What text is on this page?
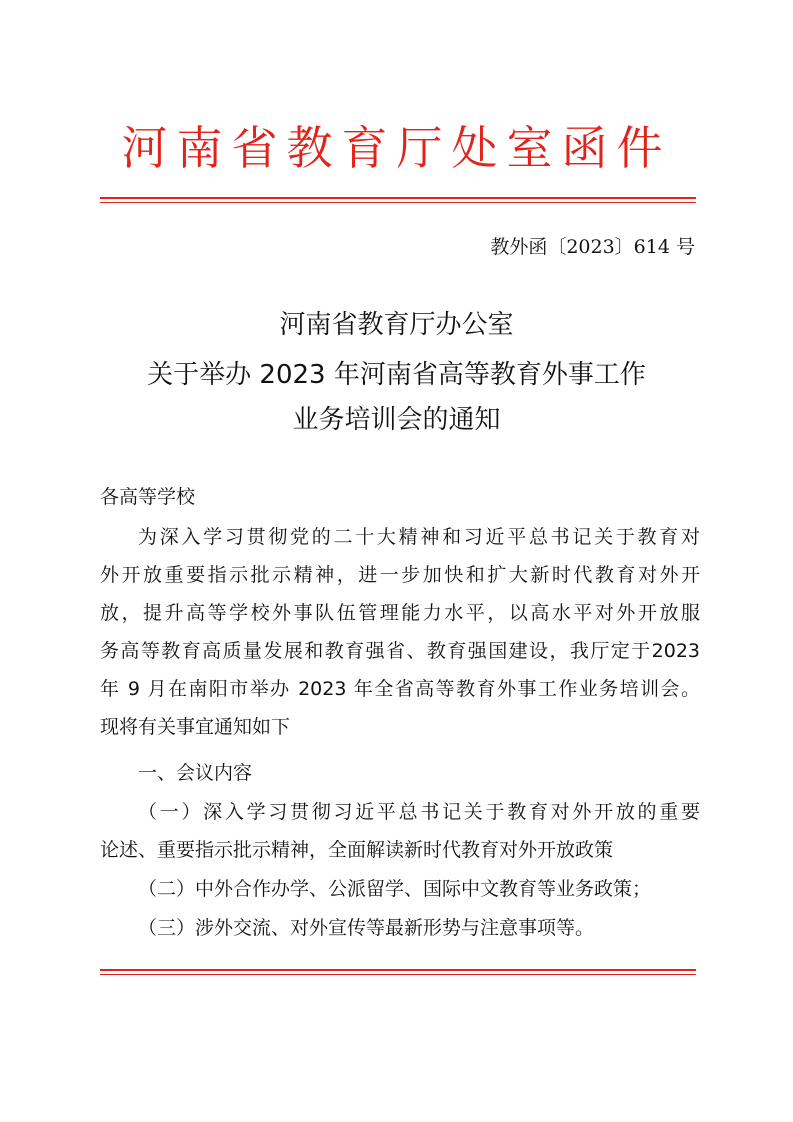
河南省教育厅处室函件
教外函〔2023〕614 号
河南省教育厅办公室
关于举办 2023 年河南省高等教育外事工作
业务培训会的通知
各高等学校
为深入学习贯彻党的二十大精神和习近平总书记关于教育对
外开放重要指示批示精神，进一步加快和扩大新时代教育对外开
放，提升高等学校外事队伍管理能力水平，以高水平对外开放服
务高等教育高质量发展和教育强省、教育强国建设，我厅定于2023
年 9 月在南阳市举办 2023 年全省高等教育外事工作业务培训会。
现将有关事宜通知如下
一、会议内容
（一）深入学习贯彻习近平总书记关于教育对外开放的重要
论述、重要指示批示精神，全面解读新时代教育对外开放政策
（二）中外合作办学、公派留学、国际中文教育等业务政策；
（三）涉外交流、对外宣传等最新形势与注意事项等。
